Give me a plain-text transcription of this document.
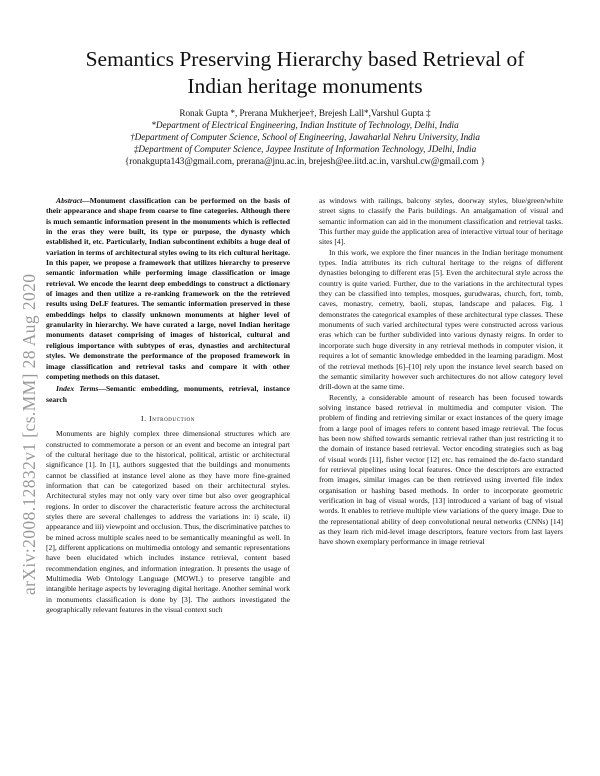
arXiv:2008.12832v1 [cs.MM] 28 Aug 2020
Semantics Preserving Hierarchy based Retrieval of
Indian heritage monuments
Ronak Gupta *, Prerana Mukherjee†, Brejesh Lall*,Varshul Gupta ‡
*Department of Electrical Engineering, Indian Institute of Technology, Delhi, India
†Department of Computer Science, School of Engineering, Jawaharlal Nehru University, India
‡Department of Computer Science, Jaypee Institute of Information Technology, JDelhi, India
{ronakgupta143@gmail.com, prerana@jnu.ac.in, brejesh@ee.iitd.ac.in, varshul.cw@gmail.com }

Abstract—Monument classification can be performed on the basis of their appearance and shape from coarse to fine categories. Although there is much semantic information present in the monuments which is reflected in the eras they were built, its type or purpose, the dynasty which established it, etc. Particularly, Indian subcontinent exhibits a huge deal of variation in terms of architectural styles owing to its rich cultural heritage. In this paper, we propose a framework that utilizes hierarchy to preserve semantic information while performing image classification or image retrieval. We encode the learnt deep embeddings to construct a dictionary of images and then utilize a re-ranking framework on the the retrieved results using DeLF features. The semantic information preserved in these embeddings helps to classify unknown monuments at higher level of granularity in hierarchy. We have curated a large, novel Indian heritage monuments dataset comprising of images of historical, cultural and religious importance with subtypes of eras, dynasties and architectural styles. We demonstrate the performance of the proposed framework in image classification and retrieval tasks and compare it with other competing methods on this dataset.

Index Terms—Semantic embedding, monuments, retrieval, instance search

I. Introduction

Monuments are highly complex three dimensional structures which are constructed to commemorate a person or an event and become an integral part of the cultural heritage due to the historical, political, artistic or architectural significance [1]. In [1], authors suggested that the buildings and monuments cannot be classified at instance level alone as they have more fine-grained information that can be categorized based on their architectural styles. Architectural styles may not only vary over time but also over geographical regions. In order to discover the characteristic feature across the architectural styles there are several challenges to address the variations in: i) scale, ii) appearance and iii) viewpoint and occlusion. Thus, the discriminative patches to be mined across multiple scales need to be semantically meaningful as well. In [2], different applications on multimedia ontology and semantic representations have been elucidated which includes instance retrieval, content based recommendation engines, and information integration. It presents the usage of Multimedia Web Ontology Language (MOWL) to preserve tangible and intangible heritage aspects by leveraging digital heritage. Another seminal work in monuments classification is done by [3]. The authors investigated the geographically relevant features in the visual context such

as windows with railings, balcony styles, doorway styles, blue/green/white street signs to classify the Paris buildings. An amalgamation of visual and semantic information can aid in the monument classification and retrieval tasks. This further may guide the application area of interactive virtual tour of heritage sites [4].

In this work, we explore the finer nuances in the Indian heritage monument types. India attributes its rich cultural heritage to the reigns of different dynasties belonging to different eras [5]. Even the architectural style across the country is quite varied. Further, due to the variations in the architectural types they can be classified into temples, mosques, gurudwaras, church, fort, tomb, caves, monastry, cemetry, baoli, stupas, landscape and palaces. Fig. 1 demonstrates the categorical examples of these architectural type classes. These monuments of such varied architectural types were constructed across various eras which can be further subdivided into various dynasty reigns. In order to incorporate such huge diversity in any retrieval methods in computer vision, it requires a lot of semantic knowledge embedded in the learning paradigm. Most of the retrieval methods [6]–[10] rely upon the instance level search based on the semantic similarity however such architectures do not allow category level drill-down at the same time.

Recently, a considerable amount of research has been focused towards solving instance based retrieval in multimedia and computer vision. The problem of finding and retrieving similar or exact instances of the query image from a large pool of images refers to content based image retrieval. The focus has been now shifted towards semantic retrieval rather than just restricting it to the domain of instance based retrieval. Vector encoding strategies such as bag of visual words [11], fisher vector [12] etc. has remained the de-facto standard for retrieval pipelines using local features. Once the descriptors are extracted from images, similar images can be then retrieved using inverted file index organisation or hashing based methods. In order to incorporate geometric verification in bag of visual words, [13] introduced a variant of bag of visual words. It enables to retrieve multiple view variations of the query image. Due to the representational ability of deep convolutional neural networks (CNNs) [14] as they learn rich mid-level image descriptors, feature vectors from last layers have shown exemplary performance in image retrieval
